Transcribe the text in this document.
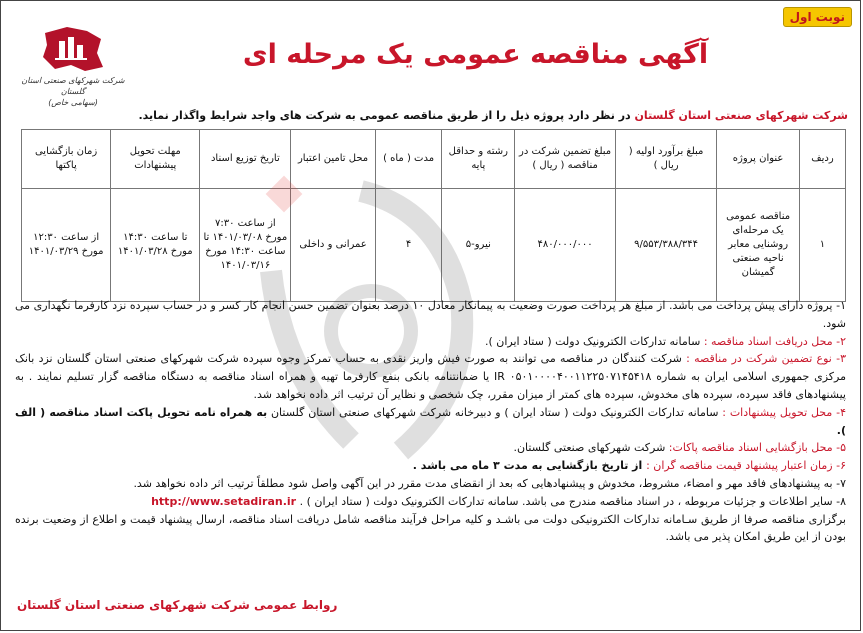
نوبت اول
شرکت شهرکهای صنعتی استان گلستان
(سهامی خاص)
آگهی مناقصه عمومی یک مرحله ای
شرکت شهرکهای صنعتی استان گلستان در نظر دارد پروژه ذیل را از طریق مناقصه عمومی به شرکت های واجد شرایط واگذار نماید.
ردیف	عنوان پروژه	مبلغ برآورد اولیه ( ریال )	مبلغ تضمین شرکت در مناقصه ( ریال )	رشته و حداقل پایه	مدت ( ماه )	محل تامین اعتبار	تاریخ توزیع اسناد	مهلت تحویل پیشنهادات	زمان بازگشایی پاکتها
۱	مناقصه عمومی یک مرحله‌ای روشنایی معابر ناحیه صنعتی گمیشان	۹/۵۵۳/۳۸۸/۳۴۴	۴۸۰/۰۰۰/۰۰۰	نیرو-۵	۴	عمرانی و داخلی	از ساعت ۷:۳۰ مورخ ۱۴۰۱/۰۳/۰۸ تا ساعت ۱۴:۳۰ مورخ ۱۴۰۱/۰۳/۱۶	تا ساعت ۱۴:۳۰ مورخ ۱۴۰۱/۰۳/۲۸	از ساعت ۱۲:۳۰ مورخ ۱۴۰۱/۰۳/۲۹

۱- پروژه دارای پیش پرداخت می باشد. از مبلغ هر پرداخت صورت وضعیت به پیمانکار معادل ۱۰ درصد بعنوان تضمین حسن انجام کار کسر و در حساب سپرده نزد کارفرما نگهداری می شود.

۲- محل دریافت اسناد مناقصه : سامانه تدارکات الکترونیک دولت ( ستاد ایران ).

۳- نوع تضمین شرکت در مناقصه : شرکت کنندگان در مناقصه می توانند به صورت فیش واریز نقدی به حساب تمرکز وجوه سپرده شرکت شهرکهای صنعتی استان گلستان نزد بانک مرکزی جمهوری اسلامی ایران به شماره IR ۰۵۰۱۰۰۰۰۴۰۰۱۱۲۲۵۰۷۱۴۵۴۱۸ یا ضمانتنامه بانکی بنفع کارفرما تهیه و همراه اسناد مناقصه به دستگاه مناقصه گزار تسلیم نمایند . به پیشنهادهای فاقد سپرده، سپرده های مخدوش، سپرده های کمتر از میزان مقرر، چک شخصی و نظایر آن ترتیب اثر داده نخواهد شد.

۴- محل تحویل پیشنهادات : سامانه تدارکات الکترونیک دولت ( ستاد ایران ) و دبیرخانه شرکت شهرکهای صنعتی استان گلستان به همراه نامه تحویل پاکت اسناد مناقصه ( الف ).

۵- محل بازگشایی اسناد مناقصه پاکات: شرکت شهرکهای صنعتی گلستان.

۶- زمان اعتبار پیشنهاد قیمت مناقصه گران : از تاریخ بازگشایی به مدت ۳ ماه می باشد .

۷- به پیشنهادهای فاقد مهر و امضاء، مشروط، مخدوش و پیشنهادهایی که بعد از انقضای مدت مقرر در این آگهی واصل شود مطلقاً ترتیب اثر داده نخواهد شد.

۸- سایر اطلاعات و جزئیات مربوطه ، در اسناد مناقصه مندرج می باشد. سامانه تدارکات الکترونیک دولت ( ستاد ایران ) . http://www.setadiran.ir

برگزاری مناقصه صرفا از طریق سـامانه تدارکات الکترونیکی دولت می باشـد و کلیه مراحل فرآیند مناقصه شامل دریافت اسناد مناقصه، ارسال پیشنهاد قیمت و اطلاع از وضعیت برنده بودن از این طریق امکان پذیر می باشد.

روابط عمومی شرکت شهرکهای صنعتی استان گلستان
